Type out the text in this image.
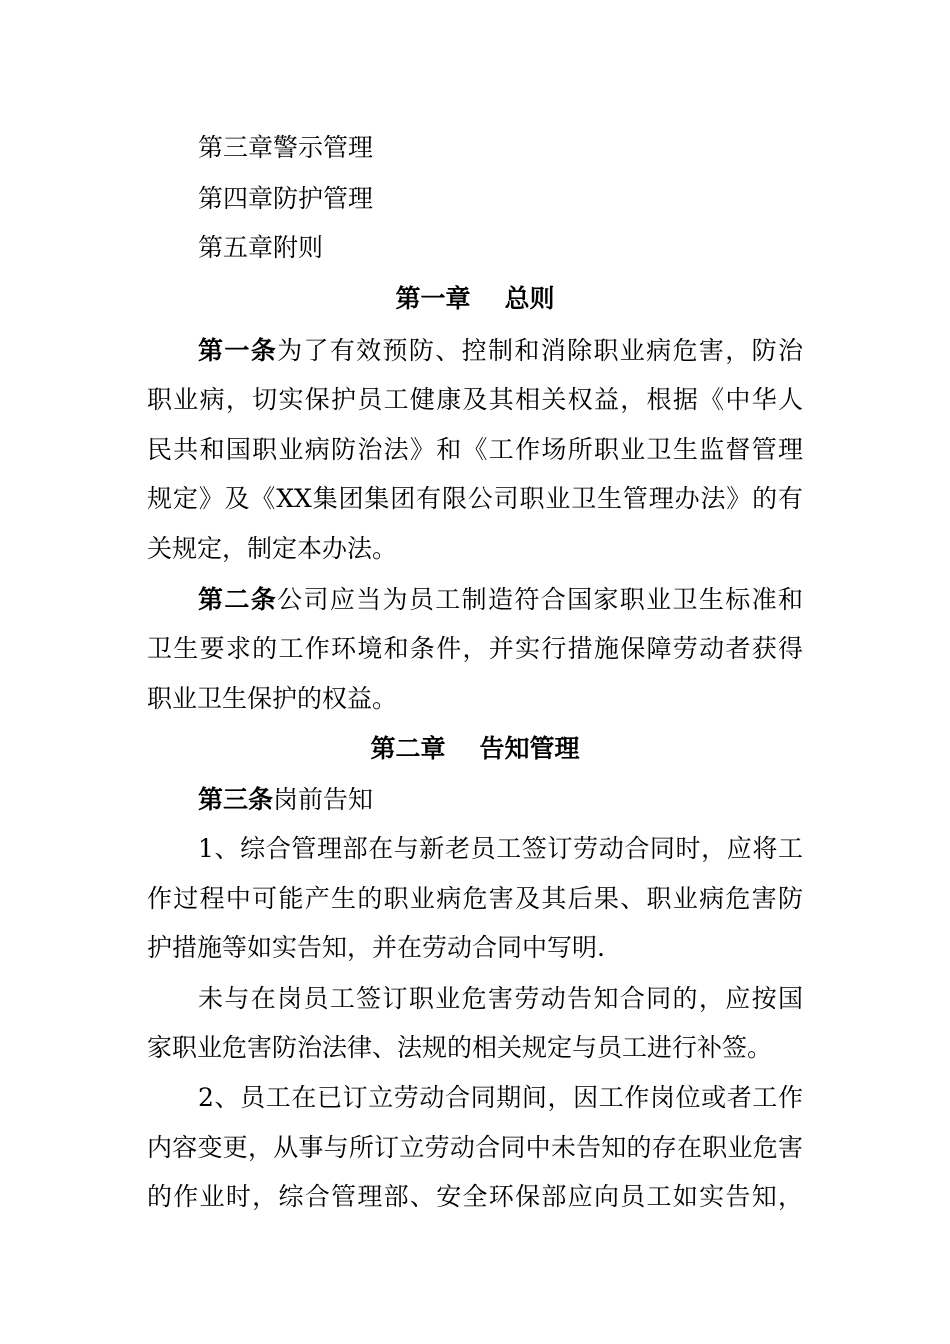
第三章警示管理
第四章防护管理
第五章附则
第一章 总则
第一条为了有效预防、控制和消除职业病危害，防治
职业病，切实保护员工健康及其相关权益，根据《中华人
民共和国职业病防治法》和《工作场所职业卫生监督管理
规定》及《XX集团集团有限公司职业卫生管理办法》的有
关规定，制定本办法。
第二条公司应当为员工制造符合国家职业卫生标准和
卫生要求的工作环境和条件，并实行措施保障劳动者获得
职业卫生保护的权益。
第二章 告知管理
第三条岗前告知
1、综合管理部在与新老员工签订劳动合同时，应将工
作过程中可能产生的职业病危害及其后果、职业病危害防
护措施等如实告知，并在劳动合同中写明.
未与在岗员工签订职业危害劳动告知合同的，应按国
家职业危害防治法律、法规的相关规定与员工进行补签。
2、员工在已订立劳动合同期间，因工作岗位或者工作
内容变更，从事与所订立劳动合同中未告知的存在职业危害
的作业时，综合管理部、安全环保部应向员工如实告知，
